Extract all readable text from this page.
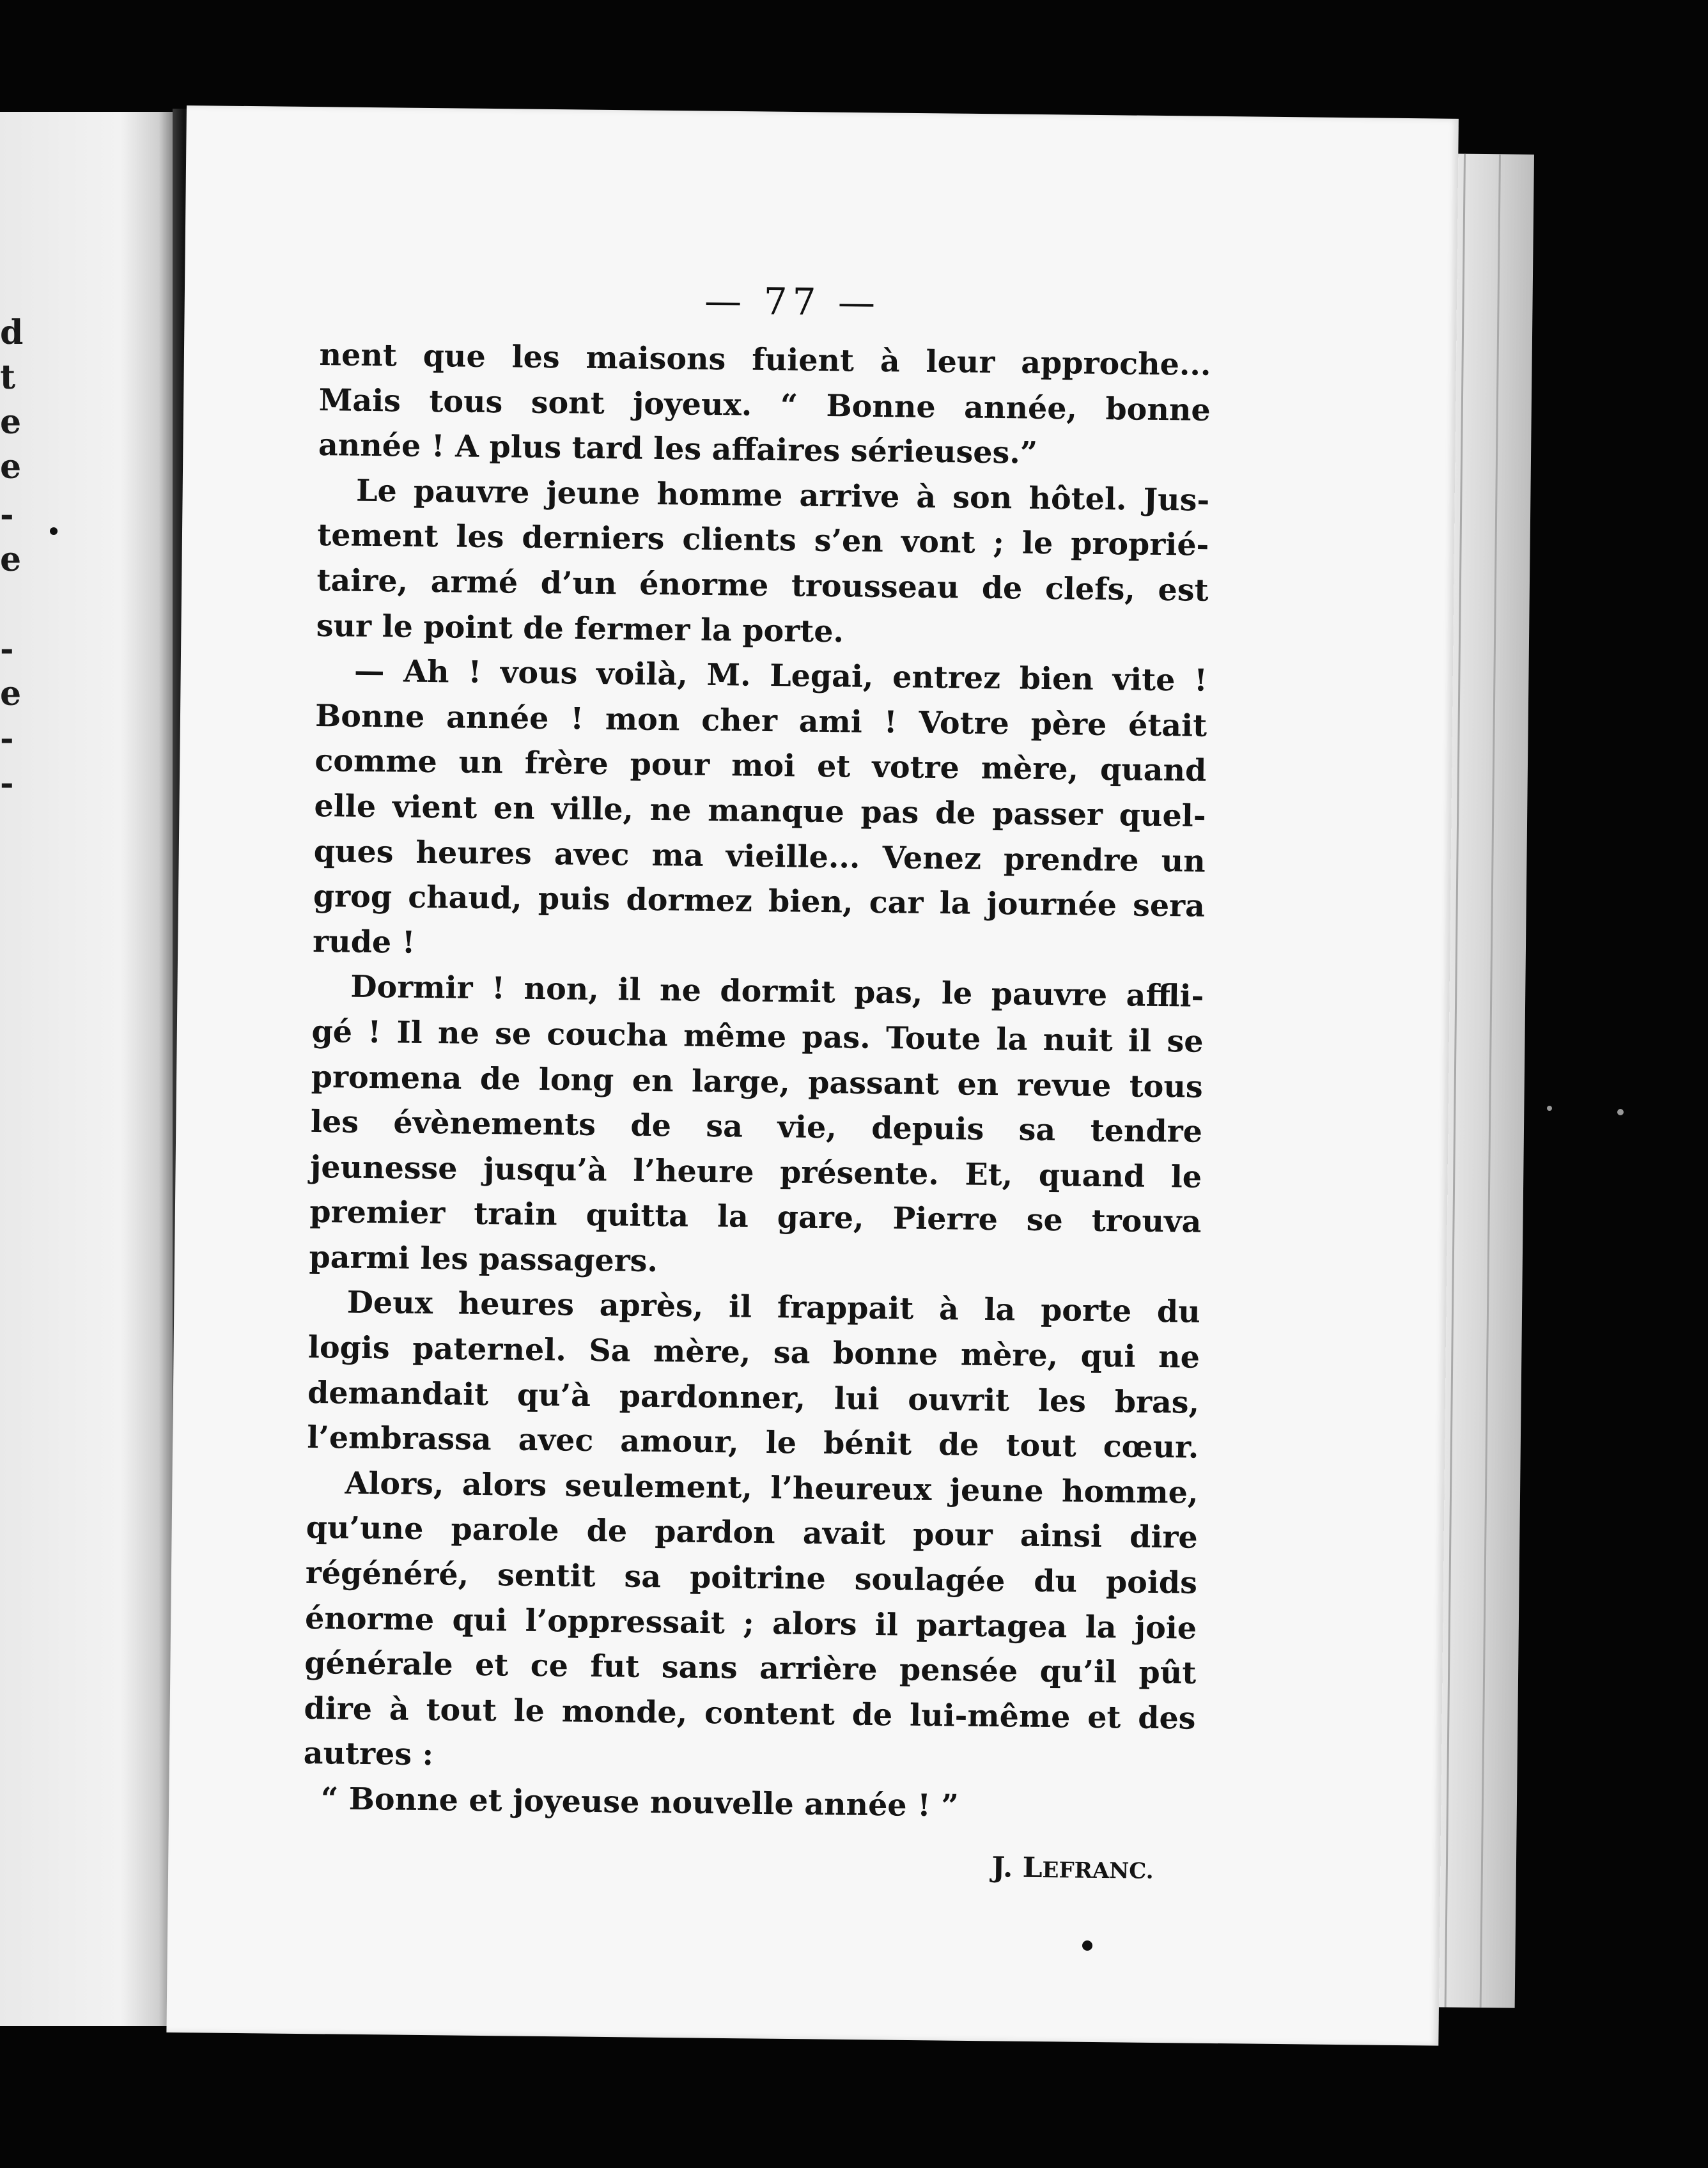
d
t
e
e
-
e
-
e
-
-
— 77 —
nent que les maisons fuient à leur approche...
Mais tous sont joyeux. “ Bonne année, bonne
année ! A plus tard les affaires sérieuses.”
Le pauvre jeune homme arrive à son hôtel. Jus-
tement les derniers clients s’en vont ; le proprié-
taire, armé d’un énorme trousseau de clefs, est
sur le point de fermer la porte.
— Ah ! vous voilà, M. Legai, entrez bien vite !
Bonne année ! mon cher ami ! Votre père était
comme un frère pour moi et votre mère, quand
elle vient en ville, ne manque pas de passer quel-
ques heures avec ma vieille... Venez prendre un
grog chaud, puis dormez bien, car la journée sera
rude !
Dormir ! non, il ne dormit pas, le pauvre affli-
gé ! Il ne se coucha même pas. Toute la nuit il se
promena de long en large, passant en revue tous
les évènements de sa vie, depuis sa tendre
jeunesse jusqu’à l’heure présente. Et, quand le
premier train quitta la gare, Pierre se trouva
parmi les passagers.
Deux heures après, il frappait à la porte du
logis paternel. Sa mère, sa bonne mère, qui ne
demandait qu’à pardonner, lui ouvrit les bras,
l’embrassa avec amour, le bénit de tout cœur.
Alors, alors seulement, l’heureux jeune homme,
qu’une parole de pardon avait pour ainsi dire
régénéré, sentit sa poitrine soulagée du poids
énorme qui l’oppressait ; alors il partagea la joie
générale et ce fut sans arrière pensée qu’il pût
dire à tout le monde, content de lui-même et des
autres :
“ Bonne et joyeuse nouvelle année ! ”
J. LEFRANC.
